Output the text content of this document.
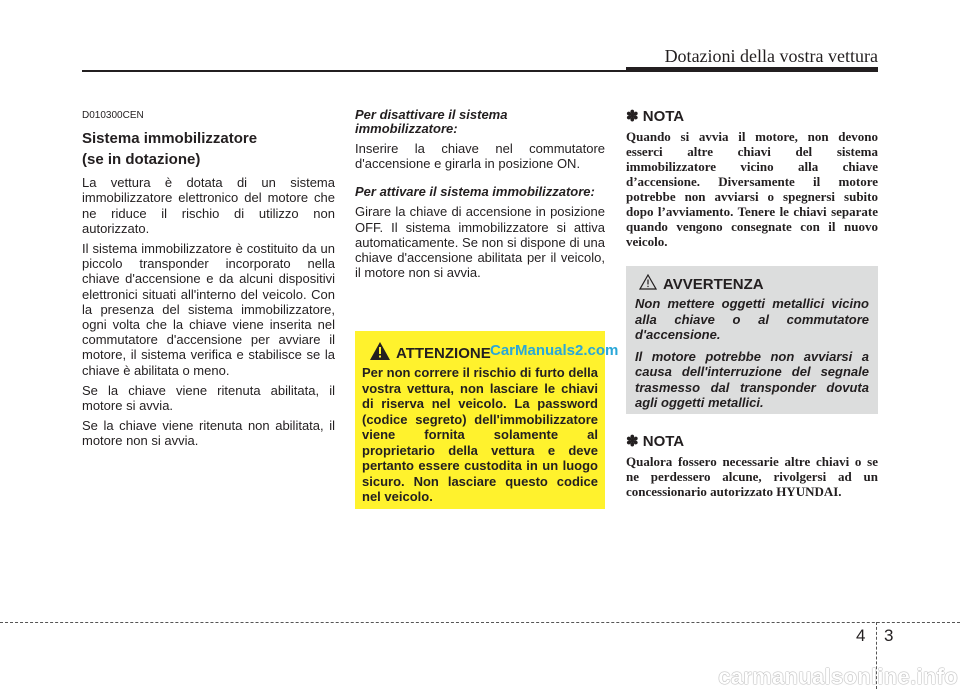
Dotazioni della vostra vettura
D010300CEN
Sistema immobilizzatore
(se in dotazione)

La vettura è dotata di un sistema immobilizzatore elettronico del motore che ne riduce il rischio di utilizzo non autorizzato.

Il sistema immobilizzatore è costituito da un piccolo transponder incorporato nella chiave d'accensione e da alcuni dispositivi elettronici situati all'interno del veicolo. Con la presenza del sistema immobilizzatore, ogni volta che la chiave viene inserita nel commutatore d'accensione per avviare il motore, il sistema verifica e stabilisce se la chiave è abilitata o meno.

Se la chiave viene ritenuta abilitata, il motore si avvia.

Se la chiave viene ritenuta non abilitata, il motore non si avvia.

Per disattivare il sistema immobilizzatore:

Inserire la chiave nel commutatore d'accensione e girarla in posizione ON.

Per attivare il sistema immobilizzatore:

Girare la chiave di accensione in posizione OFF. Il sistema immobilizzatore si attiva automaticamente. Se non si dispone di una chiave d'accensione abilitata per il veicolo, il motore non si avvia.

ATTENZIONE CarManuals2.com

Per non correre il rischio di furto della vostra vettura, non lasciare le chiavi di riserva nel veicolo. La password (codice segreto) dell'immobilizzatore viene fornita solamente al proprietario della vettura e deve pertanto essere custodita in un luogo sicuro. Non lasciare questo codice nel veicolo.

✽ NOTA

Quando si avvia il motore, non devono esserci altre chiavi del sistema immobilizzatore vicino alla chiave d’accensione. Diversamente il motore potrebbe non avviarsi o spegnersi subito dopo l’avviamento. Tenere le chiavi separate quando vengono consegnate con il nuovo veicolo.

AVVERTENZA

Non mettere oggetti metallici vicino alla chiave o al commutatore d'accensione.

Il motore potrebbe non avviarsi a causa dell'interruzione del segnale trasmesso dal transponder dovuta agli oggetti metallici.

✽ NOTA

Qualora fossero necessarie altre chiavi o se ne perdessero alcune, rivolgersi ad un concessionario autorizzato HYUNDAI.

4 3
carmanualsonline.info
